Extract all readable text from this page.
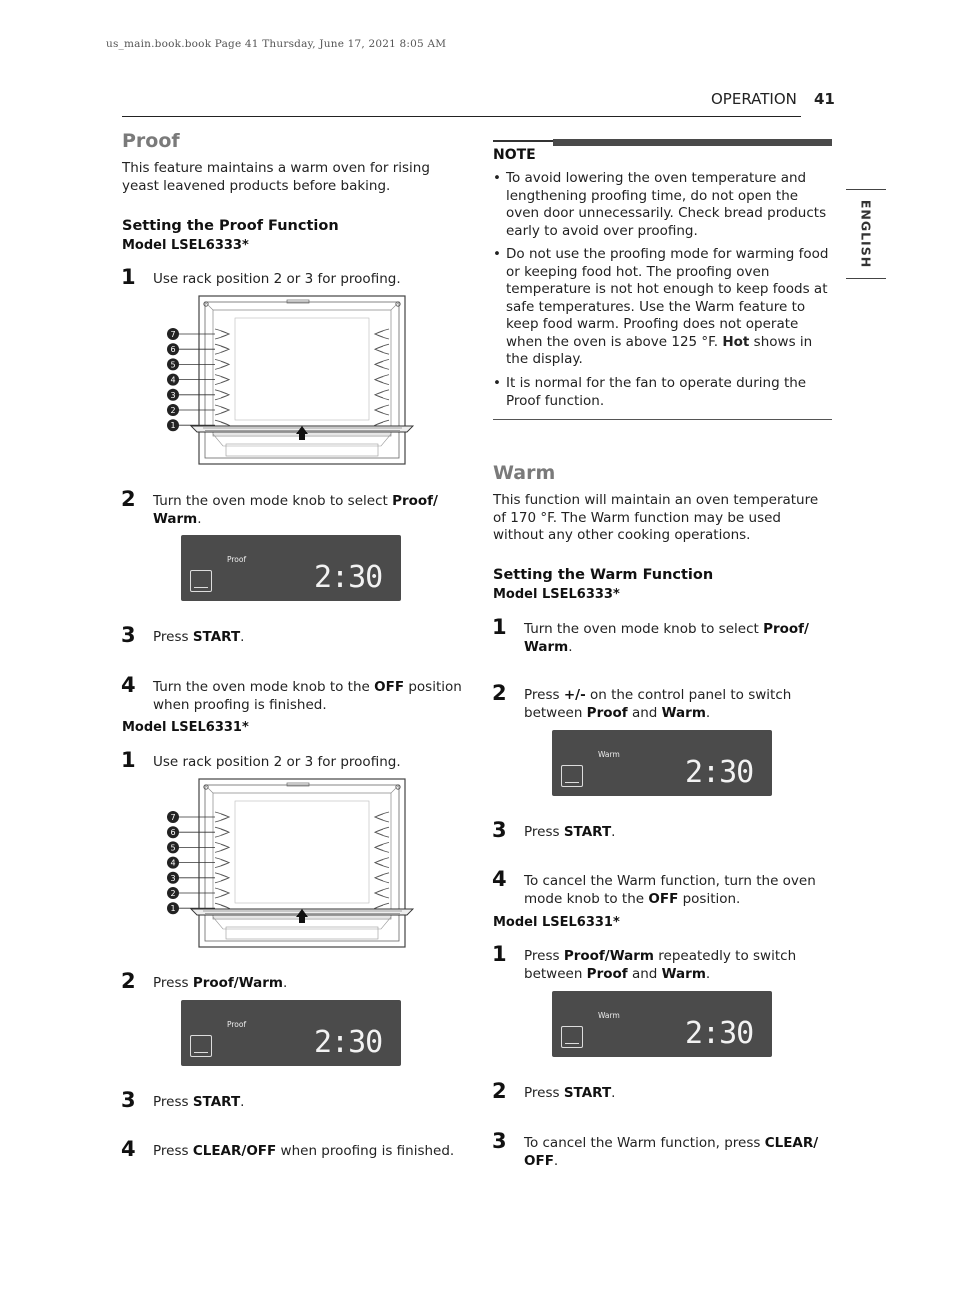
us_main.book.book Page 41 Thursday, June 17, 2021 8:05 AM
OPERATION 41
ENGLISH
Proof
This feature maintains a warm oven for rising yeast leavened products before baking.
Setting the Proof Function
Model LSEL6333*
1 Use rack position 2 or 3 for proofing.
7
6
5
4
3
2
1
2 Turn the oven mode knob to select Proof/ Warm.
Proof
2:30
3 Press START.
4 Turn the oven mode knob to the OFF position when proofing is finished.
Model LSEL6331*
1 Use rack position 2 or 3 for proofing.
7
6
5
4
3
2
1
2 Press Proof/Warm.
Proof
2:30
3 Press START.
4 Press CLEAR/OFF when proofing is finished.
NOTE
• To avoid lowering the oven temperature and lengthening proofing time, do not open the oven door unnecessarily. Check bread products early to avoid over proofing.
• Do not use the proofing mode for warming food or keeping food hot. The proofing oven temperature is not hot enough to keep foods at safe temperatures. Use the Warm feature to keep food warm. Proofing does not operate when the oven is above 125 °F. Hot shows in the display.
• It is normal for the fan to operate during the Proof function.
Warm
This function will maintain an oven temperature of 170 °F. The Warm function may be used without any other cooking operations.
Setting the Warm Function
Model LSEL6333*
1 Turn the oven mode knob to select Proof/ Warm.
2 Press +/- on the control panel to switch between Proof and Warm.
Warm
2:30
3 Press START.
4 To cancel the Warm function, turn the oven mode knob to the OFF position.
Model LSEL6331*
1 Press Proof/Warm repeatedly to switch between Proof and Warm.
Warm
2:30
2 Press START.
3 To cancel the Warm function, press CLEAR/ OFF.
